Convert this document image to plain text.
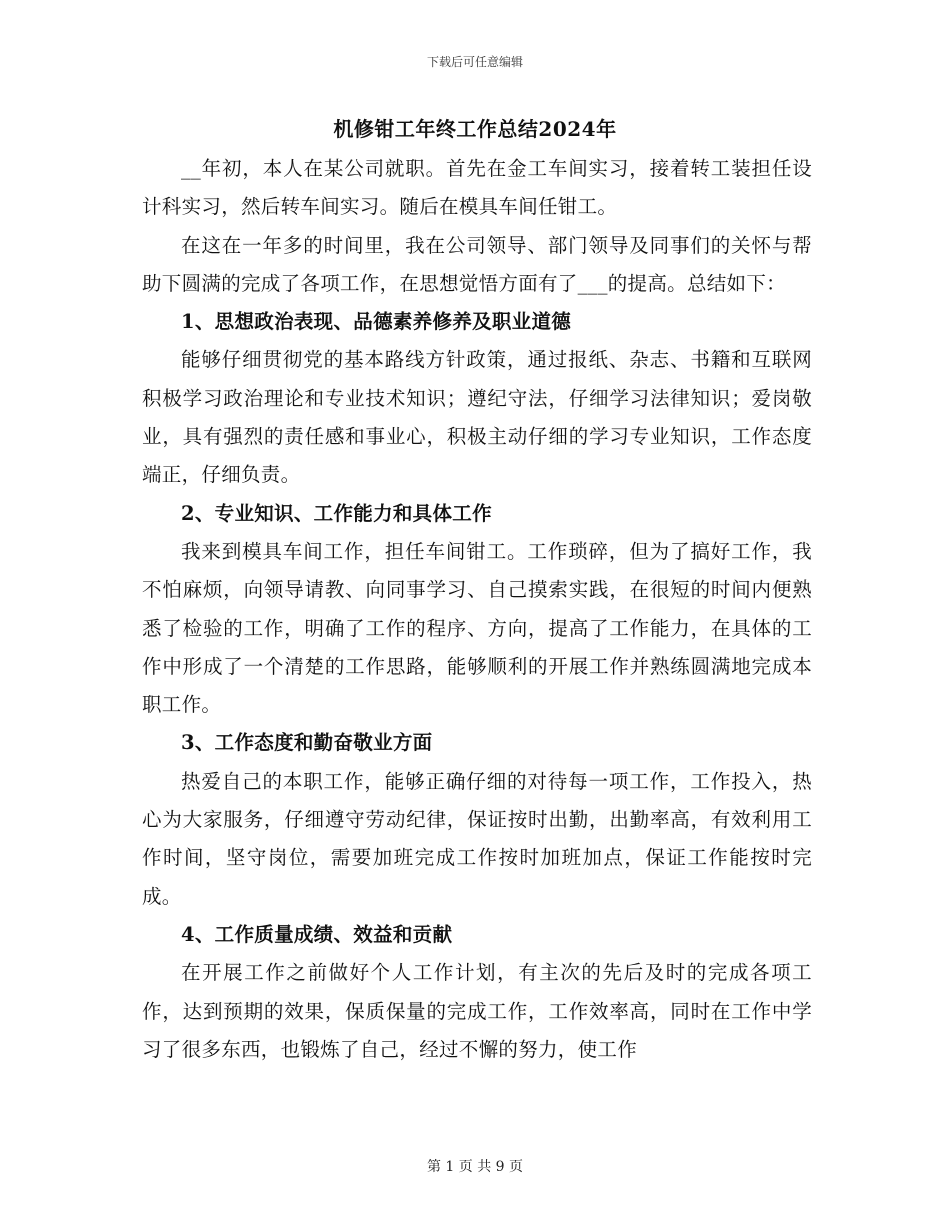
下载后可任意编辑
机修钳工年终工作总结2024年

__年初，本人在某公司就职。首先在金工车间实习，接着转工装担任设计科实习，然后转车间实习。随后在模具车间任钳工。

在这在一年多的时间里，我在公司领导、部门领导及同事们的关怀与帮助下圆满的完成了各项工作，在思想觉悟方面有了___的提高。总结如下：

1、思想政治表现、品德素养修养及职业道德

能够仔细贯彻党的基本路线方针政策，通过报纸、杂志、书籍和互联网积极学习政治理论和专业技术知识；遵纪守法，仔细学习法律知识；爱岗敬业，具有强烈的责任感和事业心，积极主动仔细的学习专业知识，工作态度端正，仔细负责。

2、专业知识、工作能力和具体工作

我来到模具车间工作，担任车间钳工。工作琐碎，但为了搞好工作，我不怕麻烦，向领导请教、向同事学习、自己摸索实践，在很短的时间内便熟悉了检验的工作，明确了工作的程序、方向，提高了工作能力，在具体的工作中形成了一个清楚的工作思路，能够顺利的开展工作并熟练圆满地完成本职工作。

3、工作态度和勤奋敬业方面

热爱自己的本职工作，能够正确仔细的对待每一项工作，工作投入，热心为大家服务，仔细遵守劳动纪律，保证按时出勤，出勤率高，有效利用工作时间，坚守岗位，需要加班完成工作按时加班加点，保证工作能按时完成。

4、工作质量成绩、效益和贡献

在开展工作之前做好个人工作计划，有主次的先后及时的完成各项工作，达到预期的效果，保质保量的完成工作，工作效率高，同时在工作中学习了很多东西，也锻炼了自己，经过不懈的努力，使工作

第 1 页 共 9 页
